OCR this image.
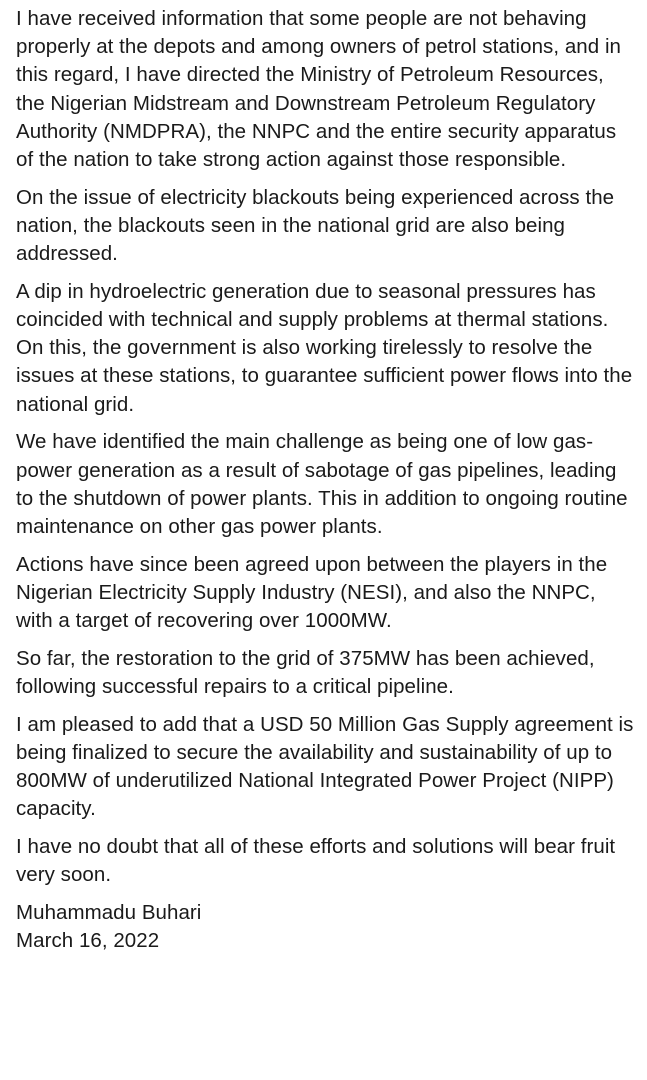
I have received information that some people are not behaving properly at the depots and among owners of petrol stations, and in this regard, I have directed the Ministry of Petroleum Resources, the Nigerian Midstream and Downstream Petroleum Regulatory Authority (NMDPRA), the NNPC and the entire security apparatus of the nation to take strong action against those responsible.

On the issue of electricity blackouts being experienced across the nation, the blackouts seen in the national grid are also being addressed.

A dip in hydroelectric generation due to seasonal pressures has coincided with technical and supply problems at thermal stations. On this, the government is also working tirelessly to resolve the issues at these stations, to guarantee sufficient power flows into the national grid.

We have identified the main challenge as being one of low gas-power generation as a result of sabotage of gas pipelines, leading to the shutdown of power plants. This in addition to ongoing routine maintenance on other gas power plants.

Actions have since been agreed upon between the players in the Nigerian Electricity Supply Industry (NESI), and also the NNPC, with a target of recovering over 1000MW.

So far, the restoration to the grid of 375MW has been achieved, following successful repairs to a critical pipeline.

I am pleased to add that a USD 50 Million Gas Supply agreement is being finalized to secure the availability and sustainability of up to 800MW of underutilized National Integrated Power Project (NIPP) capacity.

I have no doubt that all of these efforts and solutions will bear fruit very soon.

Muhammadu Buhari
March 16, 2022
